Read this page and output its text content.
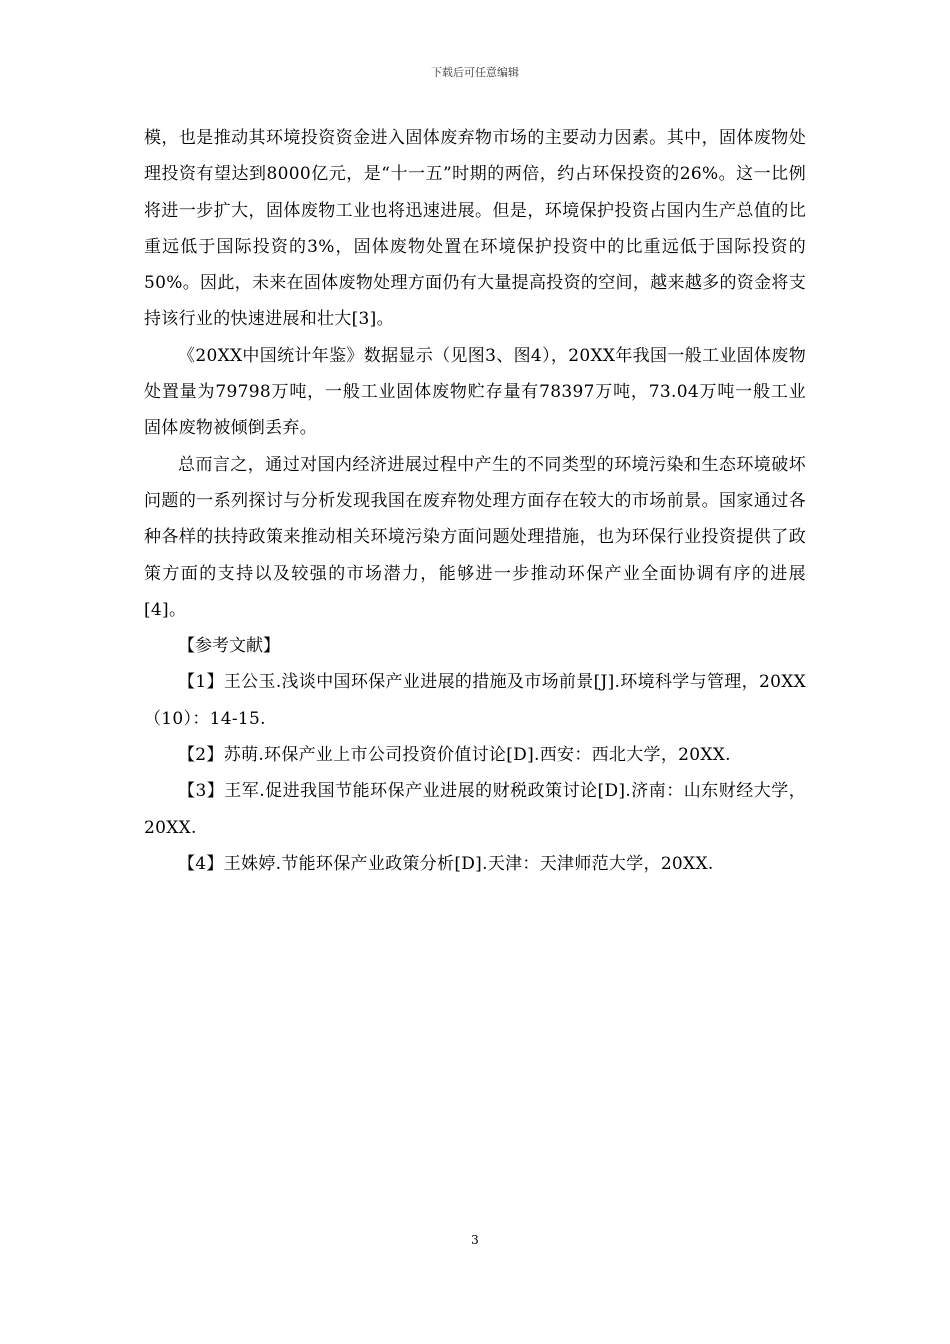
下载后可任意编辑

模，也是推动其环境投资资金进入固体废弃物市场的主要动力因素。其中，固体废物处理投资有望达到8000亿元，是“十一五”时期的两倍，约占环保投资的26%。这一比例将进一步扩大，固体废物工业也将迅速进展。但是，环境保护投资占国内生产总值的比重远低于国际投资的3%，固体废物处置在环境保护投资中的比重远低于国际投资的50%。因此，未来在固体废物处理方面仍有大量提高投资的空间，越来越多的资金将支持该行业的快速进展和壮大[3]。

《20XX中国统计年鉴》数据显示（见图3、图4），20XX年我国一般工业固体废物处置量为79798万吨，一般工业固体废物贮存量有78397万吨，73.04万吨一般工业固体废物被倾倒丢弃。

总而言之，通过对国内经济进展过程中产生的不同类型的环境污染和生态环境破坏问题的一系列探讨与分析发现我国在废弃物处理方面存在较大的市场前景。国家通过各种各样的扶持政策来推动相关环境污染方面问题处理措施，也为环保行业投资提供了政策方面的支持以及较强的市场潜力，能够进一步推动环保产业全面协调有序的进展[4]。

【参考文献】

【1】王公玉.浅谈中国环保产业进展的措施及市场前景[J].环境科学与管理，20XX（10）：14-15.

【2】苏萌.环保产业上市公司投资价值讨论[D].西安：西北大学，20XX.

【3】王军.促进我国节能环保产业进展的财税政策讨论[D].济南：山东财经大学，20XX.

【4】王姝婷.节能环保产业政策分析[D].天津：天津师范大学，20XX.

3
